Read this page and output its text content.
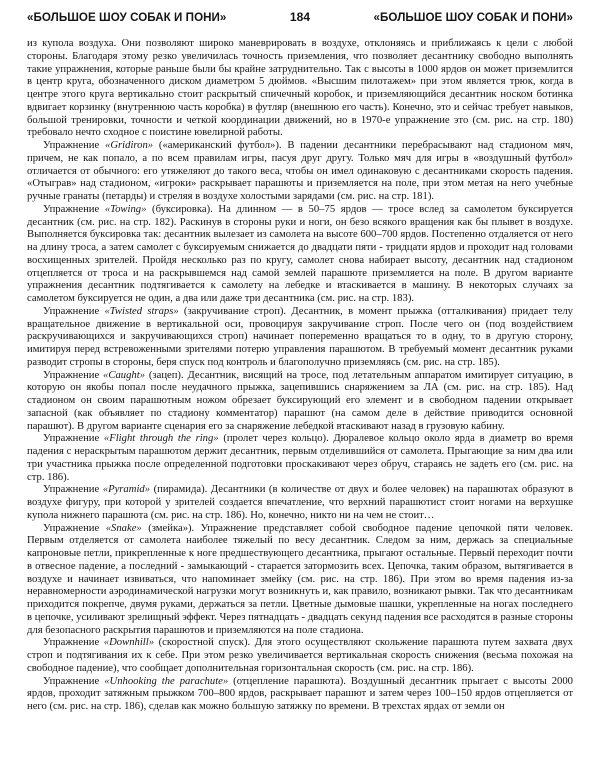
«БОЛЬШОЕ ШОУ СОБАК И ПОНИ»	184	«БОЛЬШОЕ ШОУ СОБАК И ПОНИ»

из купола воздуха. Они позволяют широко маневрировать в воздухе, отклоняясь и приближаясь к цели с любой стороны. Благодаря этому резко увеличилась точность приземления, что позволяет десантнику свободно выполнять такие упражнения, которые раньше были бы крайне затруднительно. Так с высоты в 1000 ярдов он может приземлится в центр круга, обозначенного диском диаметром 5 дюймов. «Высшим пилотажем» при этом является трюк, когда в центре этого круга вертикально стоит раскрытый спичечный коробок, и приземляющийся десантник носком ботинка вдвигает корзинку (внутреннюю часть коробка) в футляр (внешнюю его часть). Конечно, это и сейчас требует навыков, большой тренировки, точности и четкой координации движений, но в 1970-е упражнение это (см. рис. на стр. 180) требовало нечто сходное с поистине ювелирной работы.

Упражнение «Gridiron» («американский футбол»). В падении десантники перебрасывают над стадионом мяч, причем, не как попало, а по всем правилам игры, пасуя друг другу. Только мяч для игры в «воздушный футбол» отличается от обычного: его утяжеляют до такого веса, чтобы он имел одинаковую с десантниками скорость падения. «Отыграв» над стадионом, «игроки» раскрывает парашюты и приземляется на поле, при этом метая на него учебные ручные гранаты (петарды) и стреляя в воздухе холостыми зарядами (см. рис. на стр. 181).

Упражнение «Towing» (буксировка). На длинном — в 50–75 ярдов — тросе вслед за самолетом буксируется десантник (см. рис. на стр. 182). Раскинув в стороны руки и ноги, он безо всякого вращения как бы плывет в воздухе. Выполняется буксировка так: десантник вылезает из самолета на высоте 600–700 ярдов. Постепенно отдаляется от него на длину троса, а затем самолет с буксируемым снижается до двадцати пяти - тридцати ярдов и проходит над головами восхищенных зрителей. Пройдя несколько раз по кругу, самолет снова набирает высоту, десантник над стадионом отцепляется от троса и на раскрывшемся над самой землей парашюте приземляется на поле. В другом варианте упражнения десантник подтягивается к самолету на лебедке и втаскивается в машину. В некоторых случаях за самолетом буксируется не один, а два или даже три десантника (см. рис. на стр. 183).

Упражнение «Twisted straps» (закручивание строп). Десантник, в момент прыжка (отталкивания) придает телу вращательное движение в вертикальной оси, провоцируя закручивание строп. После чего он (под воздействием раскручивающихся и закручивающихся строп) начинает попеременно вращаться то в одну, то в другую сторону, имитируя перед встревоженными зрителями потерю управления парашютом. В требуемый момент десантник руками разводит стропы в стороны, беря спуск под контроль и благополучно приземляясь (см. рис. на стр. 185).

Упражнение «Caught» (зацеп). Десантник, висящий на тросе, под летательным аппаратом имитирует ситуацию, в которую он якобы попал после неудачного прыжка, зацепившись снаряжением за ЛА (см. рис. на стр. 185). Над стадионом он своим парашютным ножом обрезает буксирующий его элемент и в свободном падении открывает запасной (как объявляет по стадиону комментатор) парашют (на самом деле в действие приводится основной парашют). В другом варианте сценария его за снаряжение лебедкой втаскивают назад в грузовую кабину.

Упражнение «Flight through the ring» (пролет через кольцо). Дюралевое кольцо около ярда в диаметр во время падения с нераскрытым парашютом держит десантник, первым отделившийся от самолета. Прыгающие за ним два или три участника прыжка после определенной подготовки проскакивают через обруч, стараясь не задеть его (см. рис. на стр. 186).

Упражнение «Pyramid» (пирамида). Десантники (в количестве от двух и более человек) на парашютах образуют в воздухе фигуру, при которой у зрителей создается впечатление, что верхний парашютист стоит ногами на верхушке купола нижнего парашюта (см. рис. на стр. 186). Но, конечно, никто ни на чем не стоит…

Упражнение «Snake» (змейка»). Упражнение представляет собой свободное падение цепочкой пяти человек. Первым отделяется от самолета наиболее тяжелый по весу десантник. Следом за ним, держась за специальные капроновые петли, прикрепленные к ноге предшествующего десантника, прыгают остальные. Первый переходит почти в отвесное падение, а последний - замыкающий - старается затормозить всех. Цепочка, таким образом, вытягивается в воздухе и начинает извиваться, что напоминает змейку (см. рис. на стр. 186). При этом во время падения из-за неравномерности аэродинамической нагрузки могут возникнуть и, как правило, возникают рывки. Так что десантникам приходится покрепче, двумя руками, держаться за петли. Цветные дымовые шашки, укрепленные на ногах последнего в цепочке, усиливают зрелищный эффект. Через пятнадцать - двадцать секунд падения все расходятся в разные стороны для безопасного раскрытия парашютов и приземляются на поле стадиона.

Упражнение «Downhill» (скоростной спуск). Для этого осуществляют скольжение парашюта путем захвата двух строп и подтягивания их к себе. При этом резко увеличивается вертикальная скорость снижения (весьма похожая на свободное падение), что сообщает дополнительная горизонтальная скорость (см. рис. на стр. 186).

Упражнение «Unhooking the parachute» (отцепление парашюта). Воздушный десантник прыгает с высоты 2000 ярдов, проходит затяжным прыжком 700–800 ярдов, раскрывает парашют и затем через 100–150 ярдов отцепляется от него (см. рис. на стр. 186), сделав как можно большую затяжку по времени. В трехстах ярдах от земли он
